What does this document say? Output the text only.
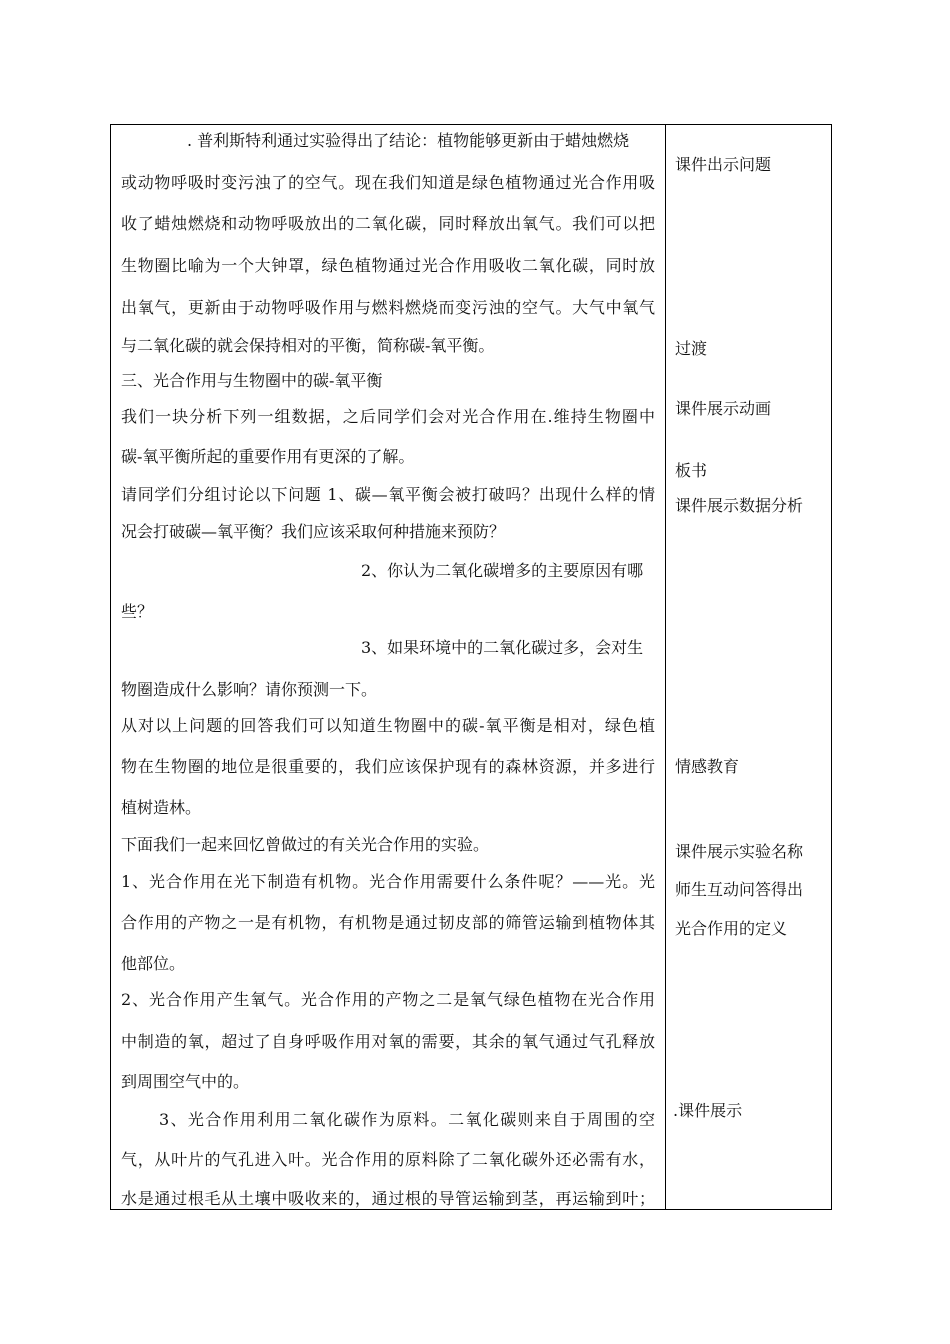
. 普利斯特利通过实验得出了结论：植物能够更新由于蜡烛燃烧
或动物呼吸时变污浊了的空气。现在我们知道是绿色植物通过光合作用吸
收了蜡烛燃烧和动物呼吸放出的二氧化碳，同时释放出氧气。我们可以把
生物圈比喻为一个大钟罩，绿色植物通过光合作用吸收二氧化碳，同时放
出氧气，更新由于动物呼吸作用与燃料燃烧而变污浊的空气。大气中氧气
与二氧化碳的就会保持相对的平衡，简称碳-氧平衡。
三、光合作用与生物圈中的碳-氧平衡
我们一块分析下列一组数据，之后同学们会对光合作用在.维持生物圈中
碳-氧平衡所起的重要作用有更深的了解。
请同学们分组讨论以下问题 1、碳—氧平衡会被打破吗？出现什么样的情
况会打破碳—氧平衡？我们应该采取何种措施来预防？
2、你认为二氧化碳增多的主要原因有哪
些？
3、如果环境中的二氧化碳过多，会对生
物圈造成什么影响？请你预测一下。
从对以上问题的回答我们可以知道生物圈中的碳-氧平衡是相对，绿色植
物在生物圈的地位是很重要的，我们应该保护现有的森林资源，并多进行
植树造林。
下面我们一起来回忆曾做过的有关光合作用的实验。
1、光合作用在光下制造有机物。光合作用需要什么条件呢？——光。光
合作用的产物之一是有机物，有机物是通过韧皮部的筛管运输到植物体其
他部位。
2、光合作用产生氧气。光合作用的产物之二是氧气绿色植物在光合作用
中制造的氧，超过了自身呼吸作用对氧的需要，其余的氧气通过气孔释放
到周围空气中的。
3、光合作用利用二氧化碳作为原料。二氧化碳则来自于周围的空
气，从叶片的气孔进入叶。光合作用的原料除了二氧化碳外还必需有水，
水是通过根毛从土壤中吸收来的，通过根的导管运输到茎，再运输到叶；
课件出示问题
过渡
课件展示动画
板书
课件展示数据分析
情感教育
课件展示实验名称
师生互动问答得出
光合作用的定义
.课件展示
